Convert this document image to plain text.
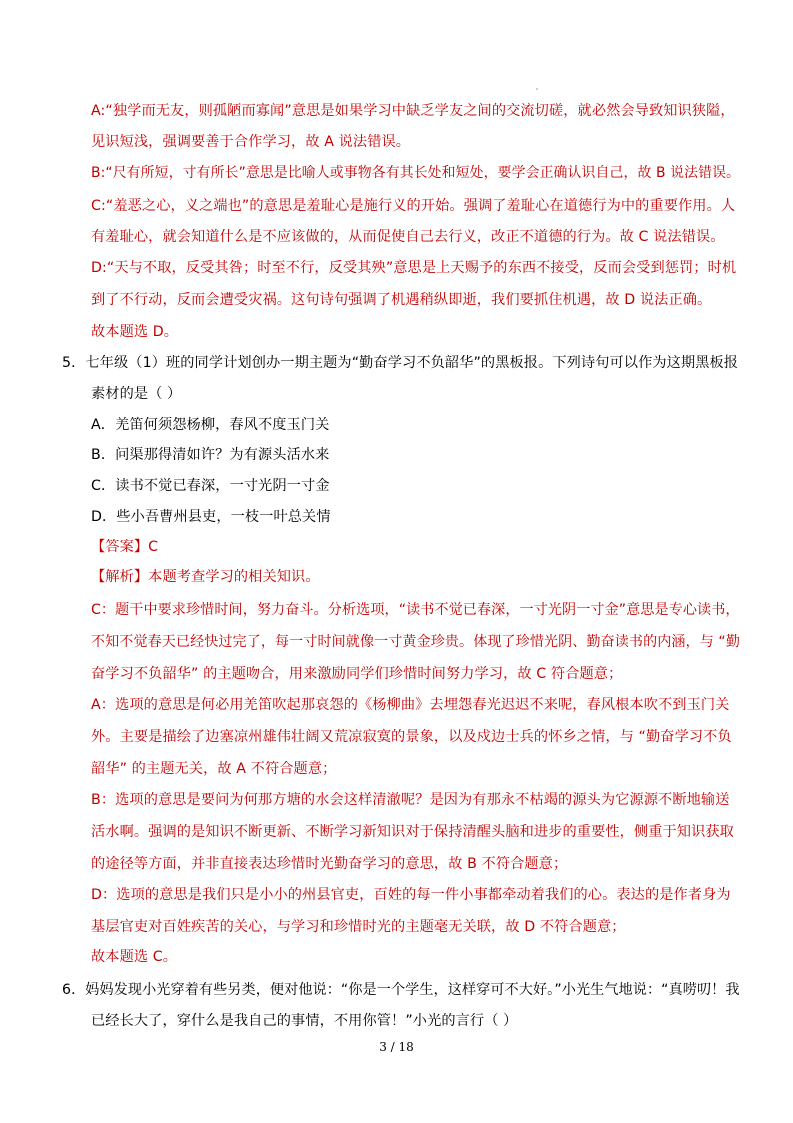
A:“独学而无友，则孤陋而寡闻”意思是如果学习中缺乏学友之间的交流切磋，就必然会导致知识狭隘，
见识短浅，强调要善于合作学习，故 A 说法错误。
B:“尺有所短，寸有所长”意思是比喻人或事物各有其长处和短处，要学会正确认识自己，故 B 说法错误。
C:“羞恶之心，义之端也”的意思是羞耻心是施行义的开始。强调了羞耻心在道德行为中的重要作用。人
有羞耻心，就会知道什么是不应该做的，从而促使自己去行义，改正不道德的行为。故 C 说法错误。
D:“天与不取，反受其咎；时至不行，反受其殃”意思是上天赐予的东西不接受，反而会受到惩罚；时机
到了不行动，反而会遭受灾祸。这句诗句强调了机遇稍纵即逝，我们要抓住机遇，故 D 说法正确。
故本题选 D。
5．七年级（1）班的同学计划创办一期主题为“勤奋学习不负韶华”的黑板报。下列诗句可以作为这期黑板报
素材的是（ ）
A．羌笛何须怨杨柳，春风不度玉门关
B．问渠那得清如许？为有源头活水来
C．读书不觉已春深，一寸光阴一寸金
D．些小吾曹州县吏，一枝一叶总关情
【答案】C
【解析】本题考查学习的相关知识。
C：题干中要求珍惜时间，努力奋斗。分析选项，“读书不觉已春深，一寸光阴一寸金”意思是专心读书，
不知不觉春天已经快过完了，每一寸时间就像一寸黄金珍贵。体现了珍惜光阴、勤奋读书的内涵，与 “勤
奋学习不负韶华” 的主题吻合，用来激励同学们珍惜时间努力学习，故 C 符合题意；
A：选项的意思是何必用羌笛吹起那哀怨的《杨柳曲》去埋怨春光迟迟不来呢，春风根本吹不到玉门关
外。主要是描绘了边塞凉州雄伟壮阔又荒凉寂寞的景象，以及戍边士兵的怀乡之情，与 “勤奋学习不负
韶华” 的主题无关，故 A 不符合题意；
B：选项的意思是要问为何那方塘的水会这样清澈呢？是因为有那永不枯竭的源头为它源源不断地输送
活水啊。强调的是知识不断更新、不断学习新知识对于保持清醒头脑和进步的重要性，侧重于知识获取
的途径等方面，并非直接表达珍惜时光勤奋学习的意思，故 B 不符合题意；
D：选项的意思是我们只是小小的州县官吏，百姓的每一件小事都牵动着我们的心。表达的是作者身为
基层官吏对百姓疾苦的关心，与学习和珍惜时光的主题毫无关联，故 D 不符合题意；
故本题选 C。
6．妈妈发现小光穿着有些另类，便对他说：“你是一个学生，这样穿可不大好。”小光生气地说：“真唠叨！我
已经长大了，穿什么是我自己的事情，不用你管！”小光的言行（ ）
3 / 18
